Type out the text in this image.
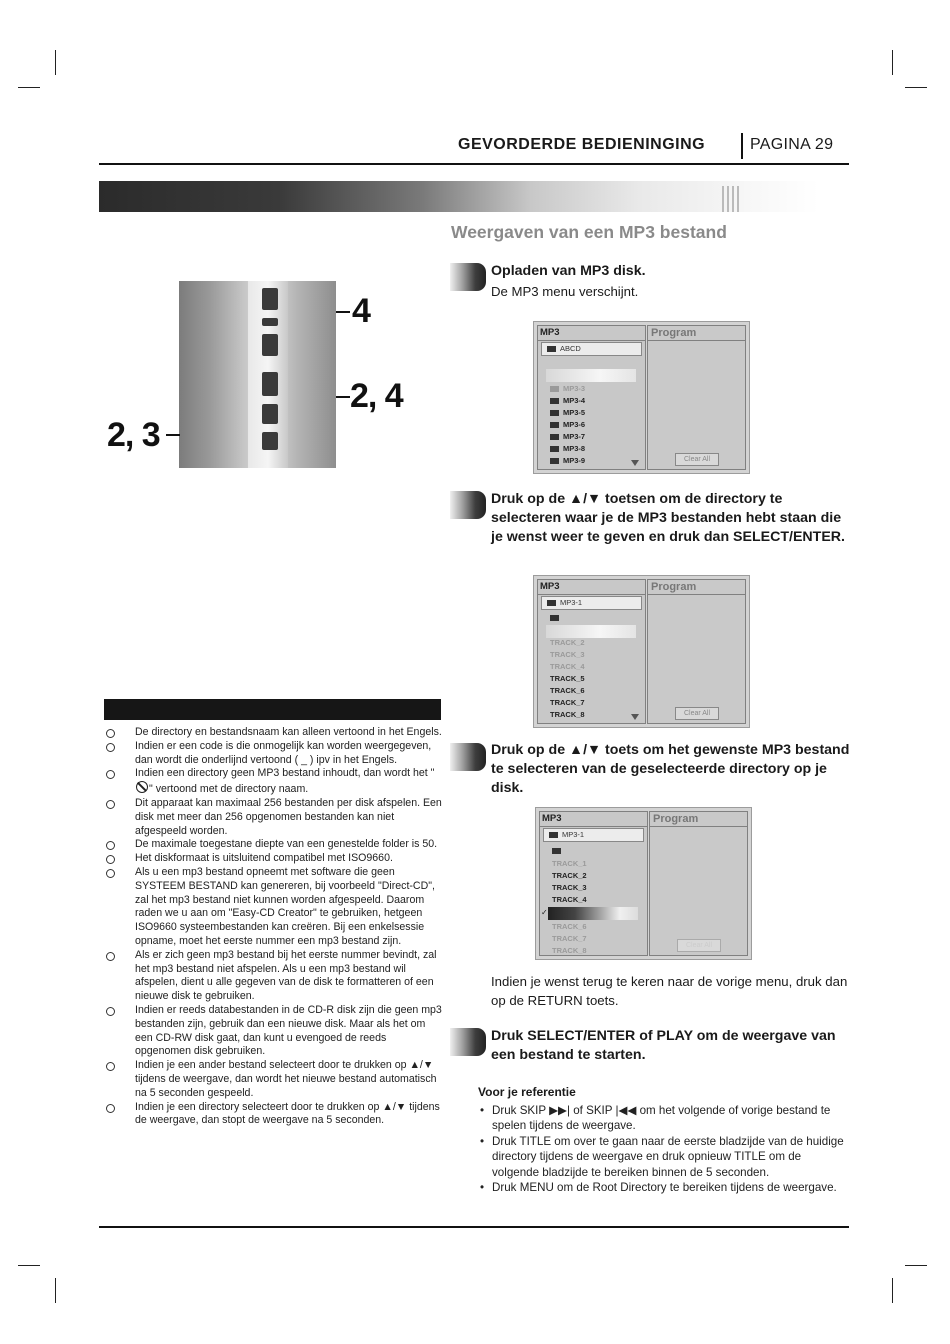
GEVORDERDE BEDIENINGING	PAGINA 29
Weergaven van een MP3 bestand
4
2, 4
2, 3
Opladen van MP3 disk.
De MP3 menu verschijnt.
MP3
ABCD
MP3-3
MP3-4
MP3-5
MP3-6
MP3-7
MP3-8
MP3-9
Program
Clear All
Druk op de ▲/▼ toetsen om de directory te selecteren waar je de MP3 bestanden hebt staan die je wenst weer te geven en druk dan SELECT/ENTER.
MP3
MP3-1
TRACK_2
TRACK_3
TRACK_4
TRACK_5
TRACK_6
TRACK_7
TRACK_8
Program
Clear All
Druk op de ▲/▼ toets om het gewenste MP3 bestand te selecteren van de geselecteerde directory op je disk.
MP3
MP3-1
TRACK_1
TRACK_2
TRACK_3
TRACK_4
✓
TRACK_6
TRACK_7
TRACK_8
Program
Clear All
Indien je wenst terug te keren naar de vorige menu, druk dan op de RETURN toets.
Druk SELECT/ENTER of PLAY om de weergave van een bestand te starten.
De directory en bestandsnaam kan alleen vertoond in het Engels.
Indien er een code is die onmogelijk kan worden weergegeven, dan wordt die onderlijnd vertoond ( _ ) ipv in het Engels.
Indien een directory geen MP3 bestand inhoudt, dan wordt het "" vertoond met de directory naam.
Dit apparaat kan maximaal 256 bestanden per disk afspelen. Een disk met meer dan 256 opgenomen bestanden kan niet afgespeeld worden.
De maximale toegestane diepte van een genestelde folder is 50.
Het diskformaat is uitsluitend compatibel met ISO9660.
Als u een mp3 bestand opneemt met software die geen SYSTEEM BESTAND kan genereren, bij voorbeeld "Direct-CD", zal het mp3 bestand niet kunnen worden afgespeeld. Daarom raden we u aan om "Easy-CD Creator" te gebruiken, hetgeen ISO9660 systeembestanden kan creëren. Bij een enkelsessie opname, moet het eerste nummer een mp3 bestand zijn.
Als er zich geen mp3 bestand bij het eerste nummer bevindt, zal het mp3 bestand niet afspelen. Als u een mp3 bestand wil afspelen, dient u alle gegeven van de disk te formatteren of een nieuwe disk te gebruiken.
Indien er reeds databestanden in de CD-R disk zijn die geen mp3 bestanden zijn, gebruik dan een nieuwe disk. Maar als het om een CD-RW disk gaat, dan kunt u evengoed de reeds opgenomen disk gebruiken.
Indien je een ander bestand selecteert door te drukken op ▲/▼ tijdens de weergave, dan wordt het nieuwe bestand automatisch na 5 seconden gespeeld.
Indien je een directory selecteert door te drukken op ▲/▼ tijdens de weergave, dan stopt de weergave na 5 seconden.
Voor je referentie
• Druk SKIP ▶▶| of SKIP |◀◀ om het volgende of vorige bestand te spelen tijdens de weergave.
• Druk TITLE om over te gaan naar de eerste bladzijde van de huidige directory tijdens de weergave en druk opnieuw TITLE om de volgende bladzijde te bereiken binnen de 5 seconden.
• Druk MENU om de Root Directory te bereiken tijdens de weergave.
